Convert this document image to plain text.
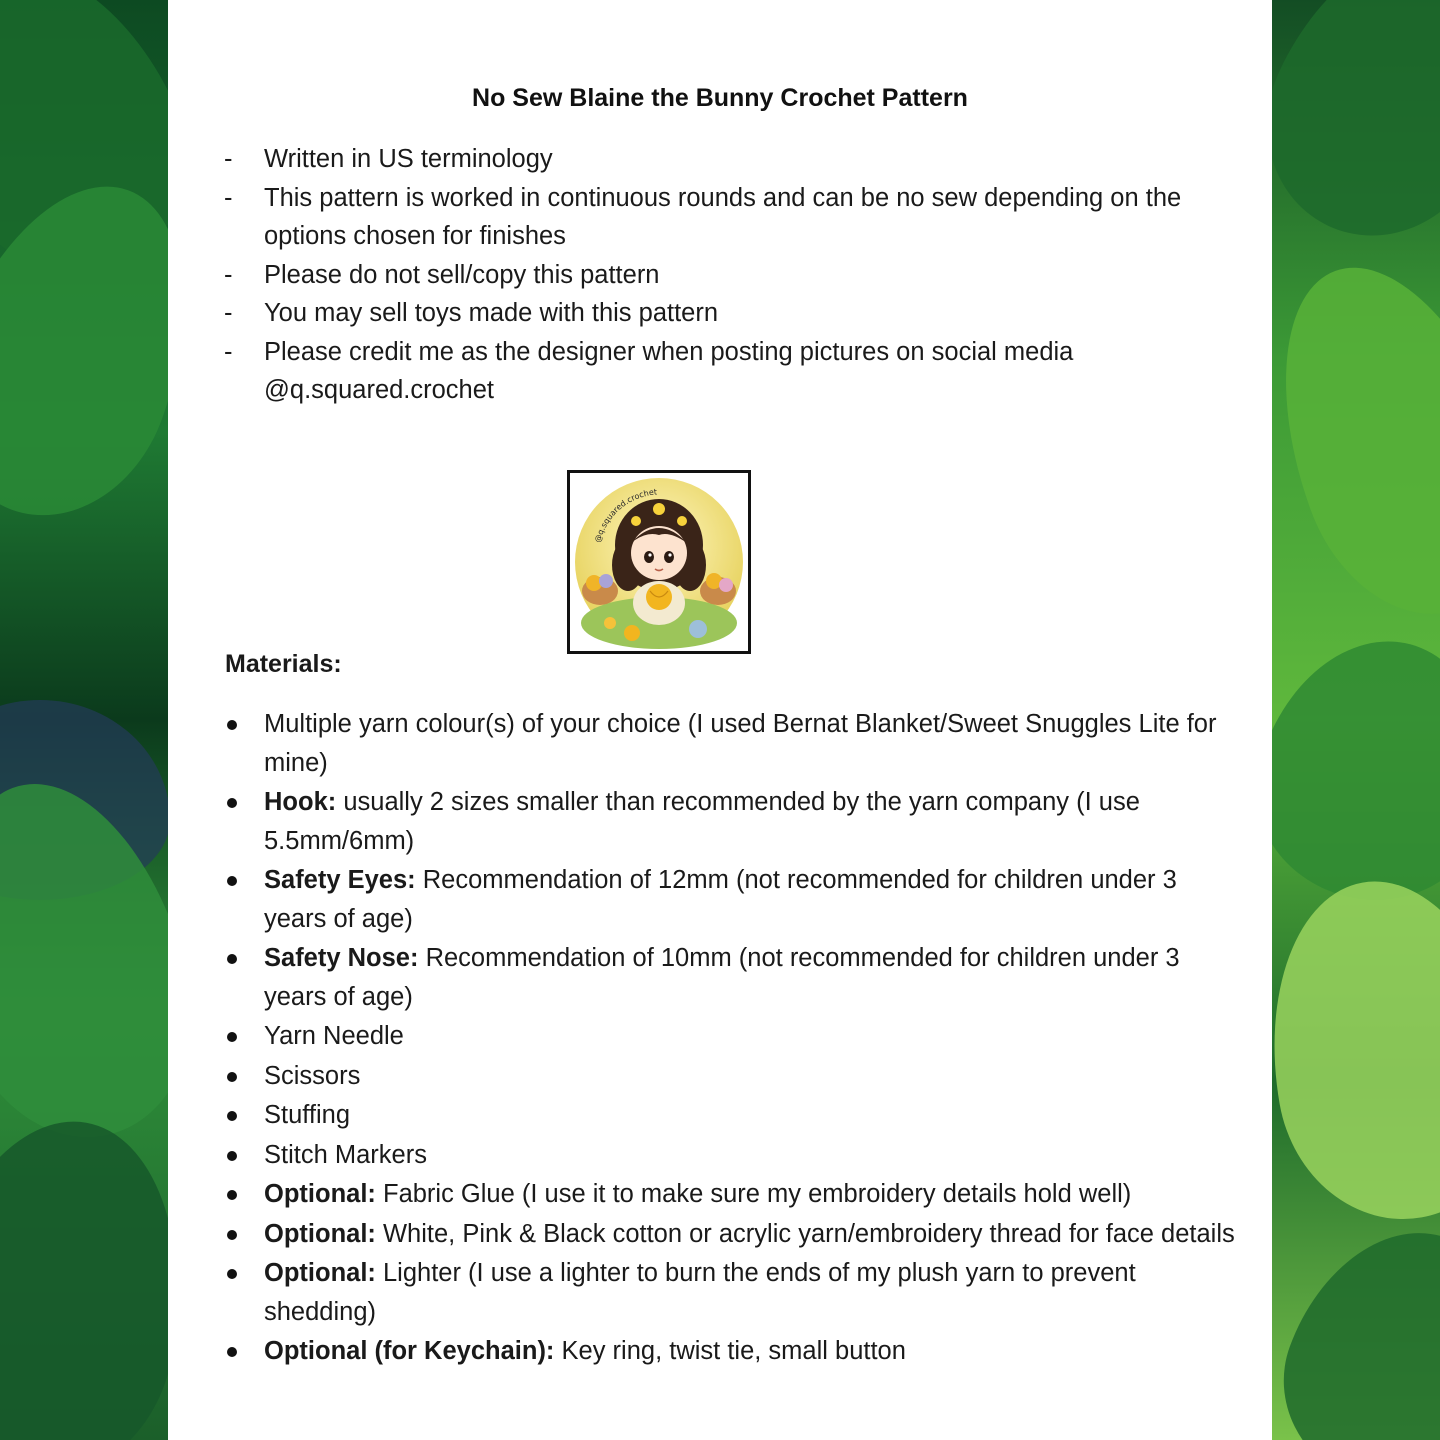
No Sew Blaine the Bunny Crochet Pattern
-	Written in US terminology
-	This pattern is worked in continuous rounds and can be no sew depending on the options chosen for finishes
-	Please do not sell/copy this pattern
-	You may sell toys made with this pattern
-	Please credit me as the designer when posting pictures on social media @q.squared.crochet
@q.squared.crochet
Materials:
Multiple yarn colour(s) of your choice (I used Bernat Blanket/Sweet Snuggles Lite for mine)
Hook: usually 2 sizes smaller than recommended by the yarn company (I use 5.5mm/6mm)
Safety Eyes: Recommendation of 12mm (not recommended for children under 3 years of age)
Safety Nose: Recommendation of 10mm (not recommended for children under 3 years of age)
Yarn Needle
Scissors
Stuffing
Stitch Markers
Optional: Fabric Glue (I use it to make sure my embroidery details hold well)
Optional: White, Pink & Black cotton or acrylic yarn/embroidery thread for face details
Optional: Lighter (I use a lighter to burn the ends of my plush yarn to prevent shedding)
Optional (for Keychain): Key ring, twist tie, small button
